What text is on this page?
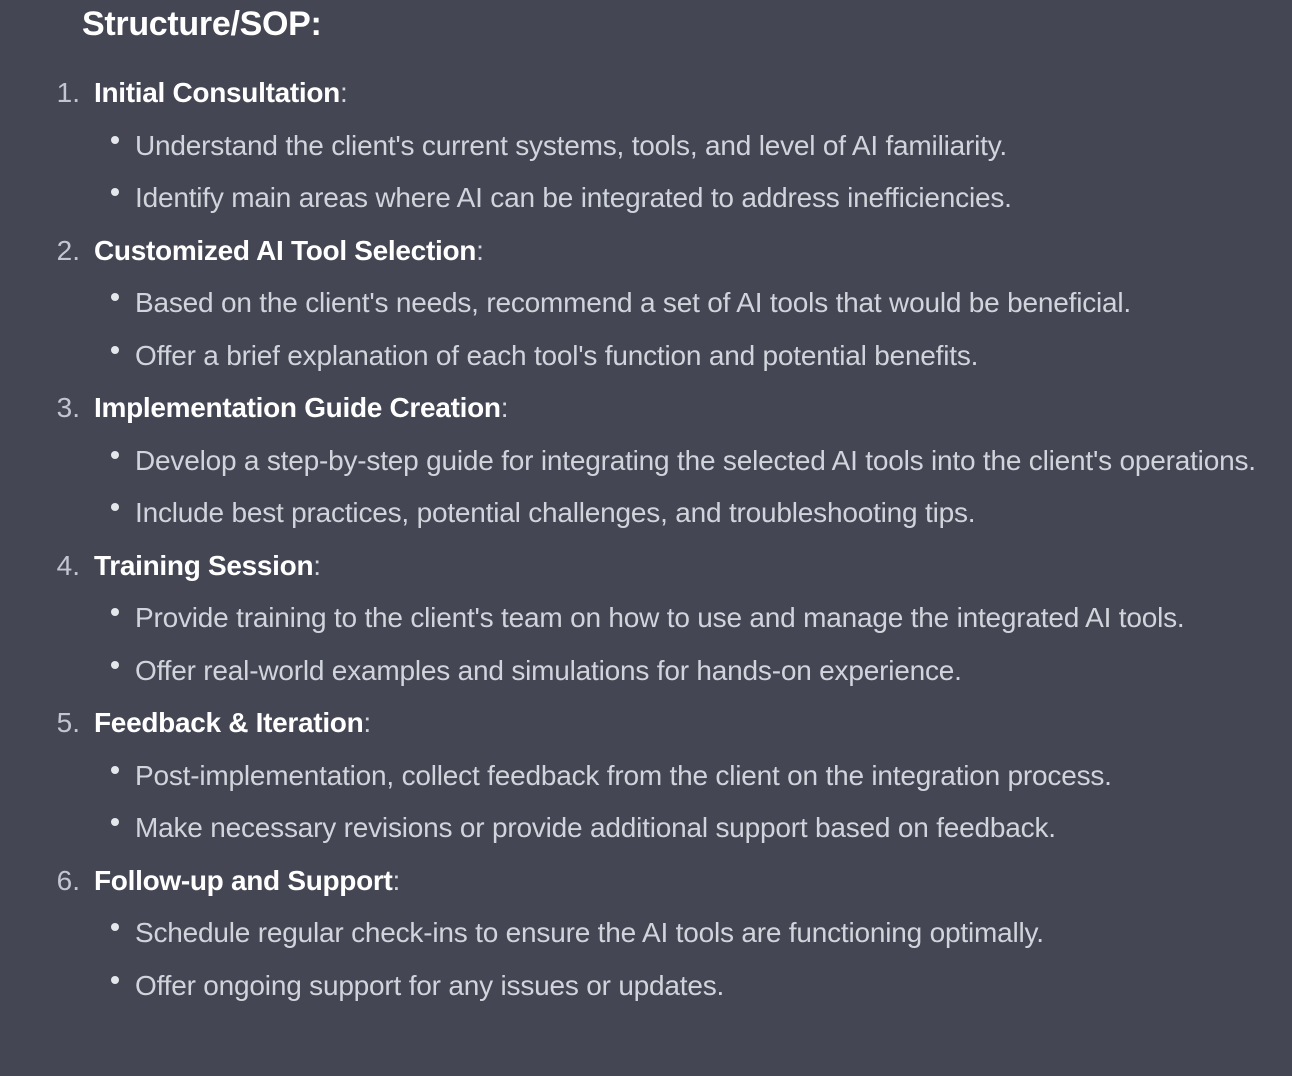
Structure/SOP:
1. Initial Consultation:
Understand the client's current systems, tools, and level of AI familiarity.
Identify main areas where AI can be integrated to address inefficiencies.
2. Customized AI Tool Selection:
Based on the client's needs, recommend a set of AI tools that would be beneficial.
Offer a brief explanation of each tool's function and potential benefits.
3. Implementation Guide Creation:
Develop a step-by-step guide for integrating the selected AI tools into the client's operations.
Include best practices, potential challenges, and troubleshooting tips.
4. Training Session:
Provide training to the client's team on how to use and manage the integrated AI tools.
Offer real-world examples and simulations for hands-on experience.
5. Feedback & Iteration:
Post-implementation, collect feedback from the client on the integration process.
Make necessary revisions or provide additional support based on feedback.
6. Follow-up and Support:
Schedule regular check-ins to ensure the AI tools are functioning optimally.
Offer ongoing support for any issues or updates.
